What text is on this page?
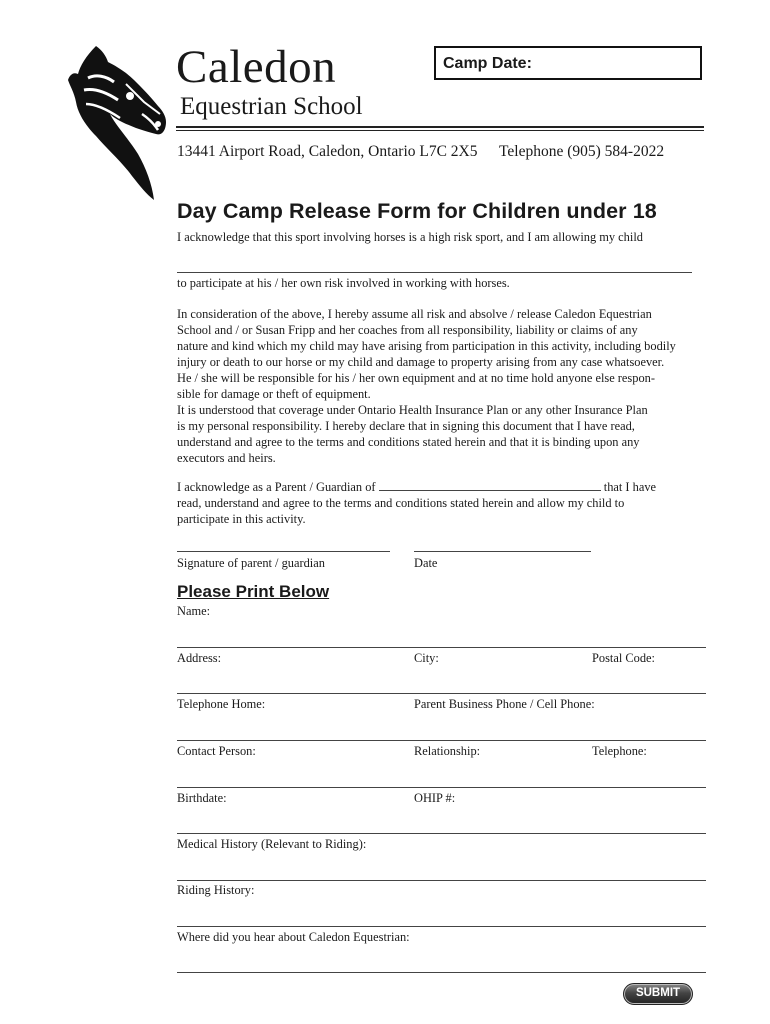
Caledon
Equestrian School
Camp Date:
13441 Airport Road, Caledon, Ontario L7C 2X5 Telephone (905) 584-2022
Day Camp Release Form for Children under 18
I acknowledge that this sport involving horses is a high risk sport, and I am allowing my child
to participate at his / her own risk involved in working with horses.

In consideration of the above, I hereby assume all risk and absolve / release Caledon Equestrian

School and / or Susan Fripp and her coaches from all responsibility, liability or claims of any

nature and kind which my child may have arising from participation in this activity, including bodily

injury or death to our horse or my child and damage to property arising from any case whatsoever.

He / she will be responsible for his / her own equipment and at no time hold anyone else respon-

sible for damage or theft of equipment.

It is understood that coverage under Ontario Health Insurance Plan or any other Insurance Plan

is my personal responsibility. I hereby declare that in signing this document that I have read,

understand and agree to the terms and conditions stated herein and that it is binding upon any

executors and heirs.

I acknowledge as a Parent / Guardian of	that I have
read, understand and agree to the terms and conditions stated herein and allow my child to
participate in this activity.
Signature of parent / guardian	Date
Please Print Below
Name:
Address:	City:	Postal Code:
Telephone Home:	Parent Business Phone / Cell Phone:
Contact Person:	Relationship:	Telephone:
Birthdate:	OHIP #:
Medical History (Relevant to Riding):
Riding History:
Where did you hear about Caledon Equestrian:
SUBMIT
